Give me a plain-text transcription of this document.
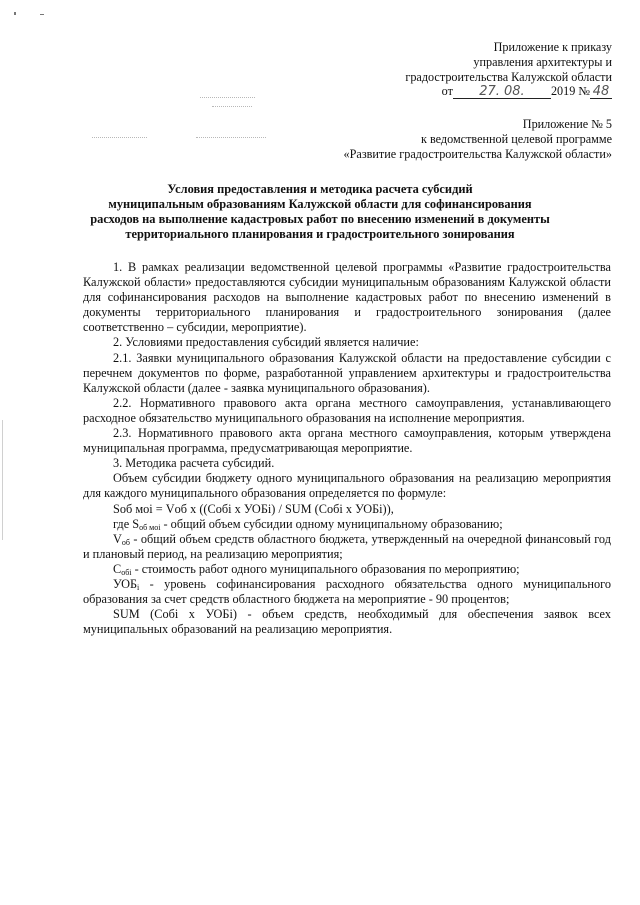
Приложение к приказу
управления архитектуры и
градостроительства Калужской области
от 27. 08. 2019 № 48
Приложение № 5
к ведомственной целевой программе
«Развитие градостроительства Калужской области»
Условия предоставления и методика расчета субсидий
муниципальным образованиям Калужской области для софинансирования
расходов на выполнение кадастровых работ по внесению изменений в документы
территориального планирования и градостроительного зонирования

1. В рамках реализации ведомственной целевой программы «Развитие градостроительства Калужской области» предоставляются субсидии муниципальным образованиям Калужской области для софинансирования расходов на выполнение кадастровых работ по внесению изменений в документы территориального планирования и градостроительного зонирования (далее соответственно – субсидии, мероприятие).

2. Условиями предоставления субсидий является наличие:

2.1. Заявки муниципального образования Калужской области на предоставление субсидии с перечнем документов по форме, разработанной управлением архитектуры и градостроительства Калужской области (далее - заявка муниципального образования).

2.2. Нормативного правового акта органа местного самоуправления, устанавливающего расходное обязательство муниципального образования на исполнение мероприятия.

2.3. Нормативного правового акта органа местного самоуправления, которым утверждена муниципальная программа, предусматривающая мероприятие.

3. Методика расчета субсидий.

Объем субсидии бюджету одного муниципального образования на реализацию мероприятия для каждого муниципального образования определяется по формуле:

Sоб моі = Vоб х ((Cобі х УОБі) / SUM (Cобі х УОБі)),

где $S_{об моі}$ - общий объем субсидии одному муниципальному образованию;

$V_{об}$ - общий объем средств областного бюджета, утвержденный на очередной финансовый год и плановый период, на реализацию мероприятия;

$C_{обі}$ - стоимость работ одного муниципального образования по мероприятию;

$УОБ_і$ - уровень софинансирования расходного обязательства одного муниципального образования за счет средств областного бюджета на мероприятие - 90 процентов;

SUM (Cобі х УОБі) - объем средств, необходимый для обеспечения заявок всех муниципальных образований на реализацию мероприятия.
